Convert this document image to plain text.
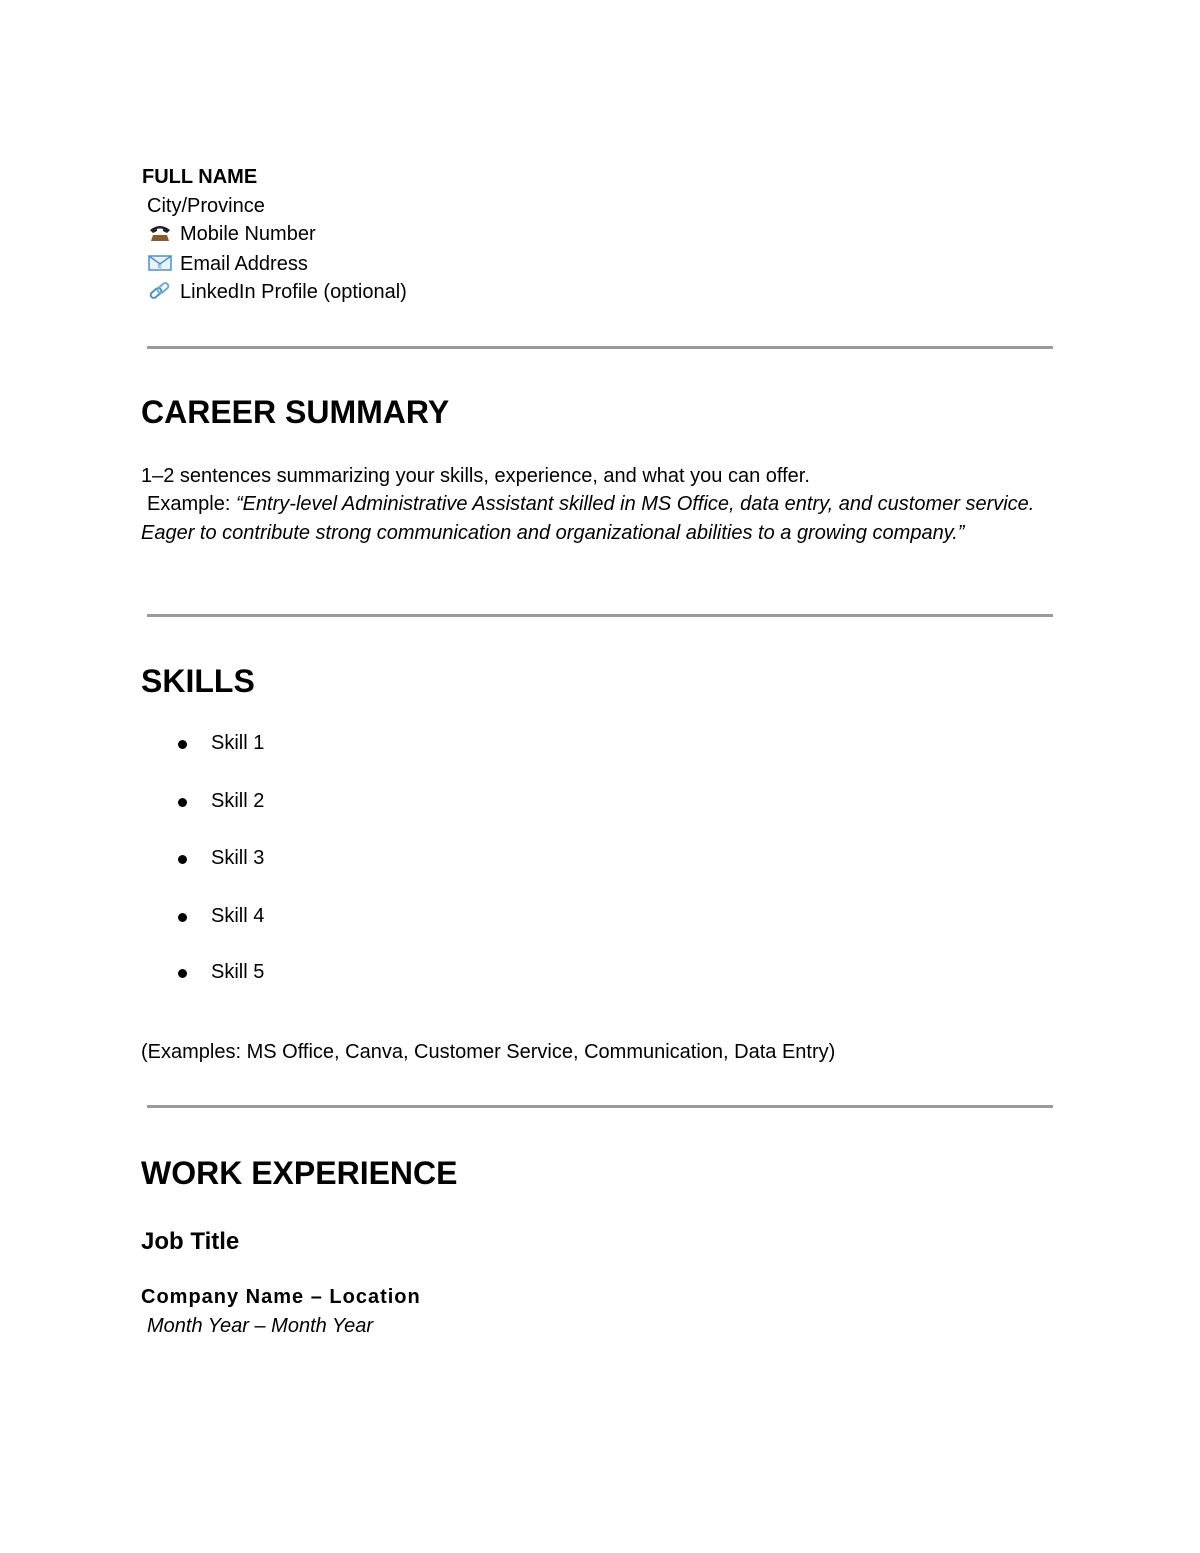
FULL NAME
City/Province
Mobile Number
E Email Address
LinkedIn Profile (optional)
CAREER SUMMARY
1–2 sentences summarizing your skills, experience, and what you can offer.
Example: “Entry-level Administrative Assistant skilled in MS Office, data entry, and customer service. Eager to contribute strong communication and organizational abilities to a growing company.”
SKILLS
Skill 1
Skill 2
Skill 3
Skill 4
Skill 5
(Examples: MS Office, Canva, Customer Service, Communication, Data Entry)
WORK EXPERIENCE
Job Title
Company Name – Location
Month Year – Month Year
